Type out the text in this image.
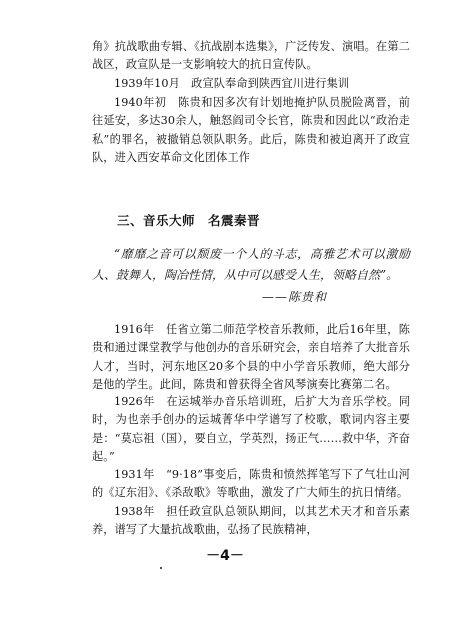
角》抗战歌曲专辑、《抗战剧本选集》，广泛传发、演唱。在第二战区，政宣队是一支影响较大的抗日宣传队。

1939年10月　政宣队奉命到陕西宜川进行集训

1940年初　陈贵和因多次有计划地掩护队员脱险离晋，前往延安，多达30余人，触怒阎司令长官，陈贵和因此以“政治走私”的罪名，被撤销总领队职务。此后，陈贵和被迫离开了政宣队，进入西安革命文化团体工作

三、音乐大师　名震秦晋

“靡靡之音可以颓废一个人的斗志，高雅艺术可以激励人、鼓舞人，陶冶性情，从中可以感受人生，领略自然”。

——陈贵和

1916年　任省立第二师范学校音乐教师，此后16年里，陈贵和通过课堂教学与他创办的音乐研究会，亲自培养了大批音乐人才，当时，河东地区20多个县的中小学音乐教师，绝大部分是他的学生。此间，陈贵和曾获得全省风琴演奏比赛第二名。

1926年　在运城举办音乐培训班，后扩大为音乐学校。同时，为也亲手创办的运城菁华中学谱写了校歌，歌词内容主要是：“莫忘祖（国），要自立，学英烈，扬正气……救中华，齐奋起。”

1931年　“9·18”事变后，陈贵和愤然挥笔写下了气壮山河的《辽东泪》、《杀敌歌》等歌曲，激发了广大师生的抗日情绪。

1938年　担任政宣队总领队期间，以其艺术天才和音乐素养，谱写了大量抗战歌曲，弘扬了民族精神，

－4－
